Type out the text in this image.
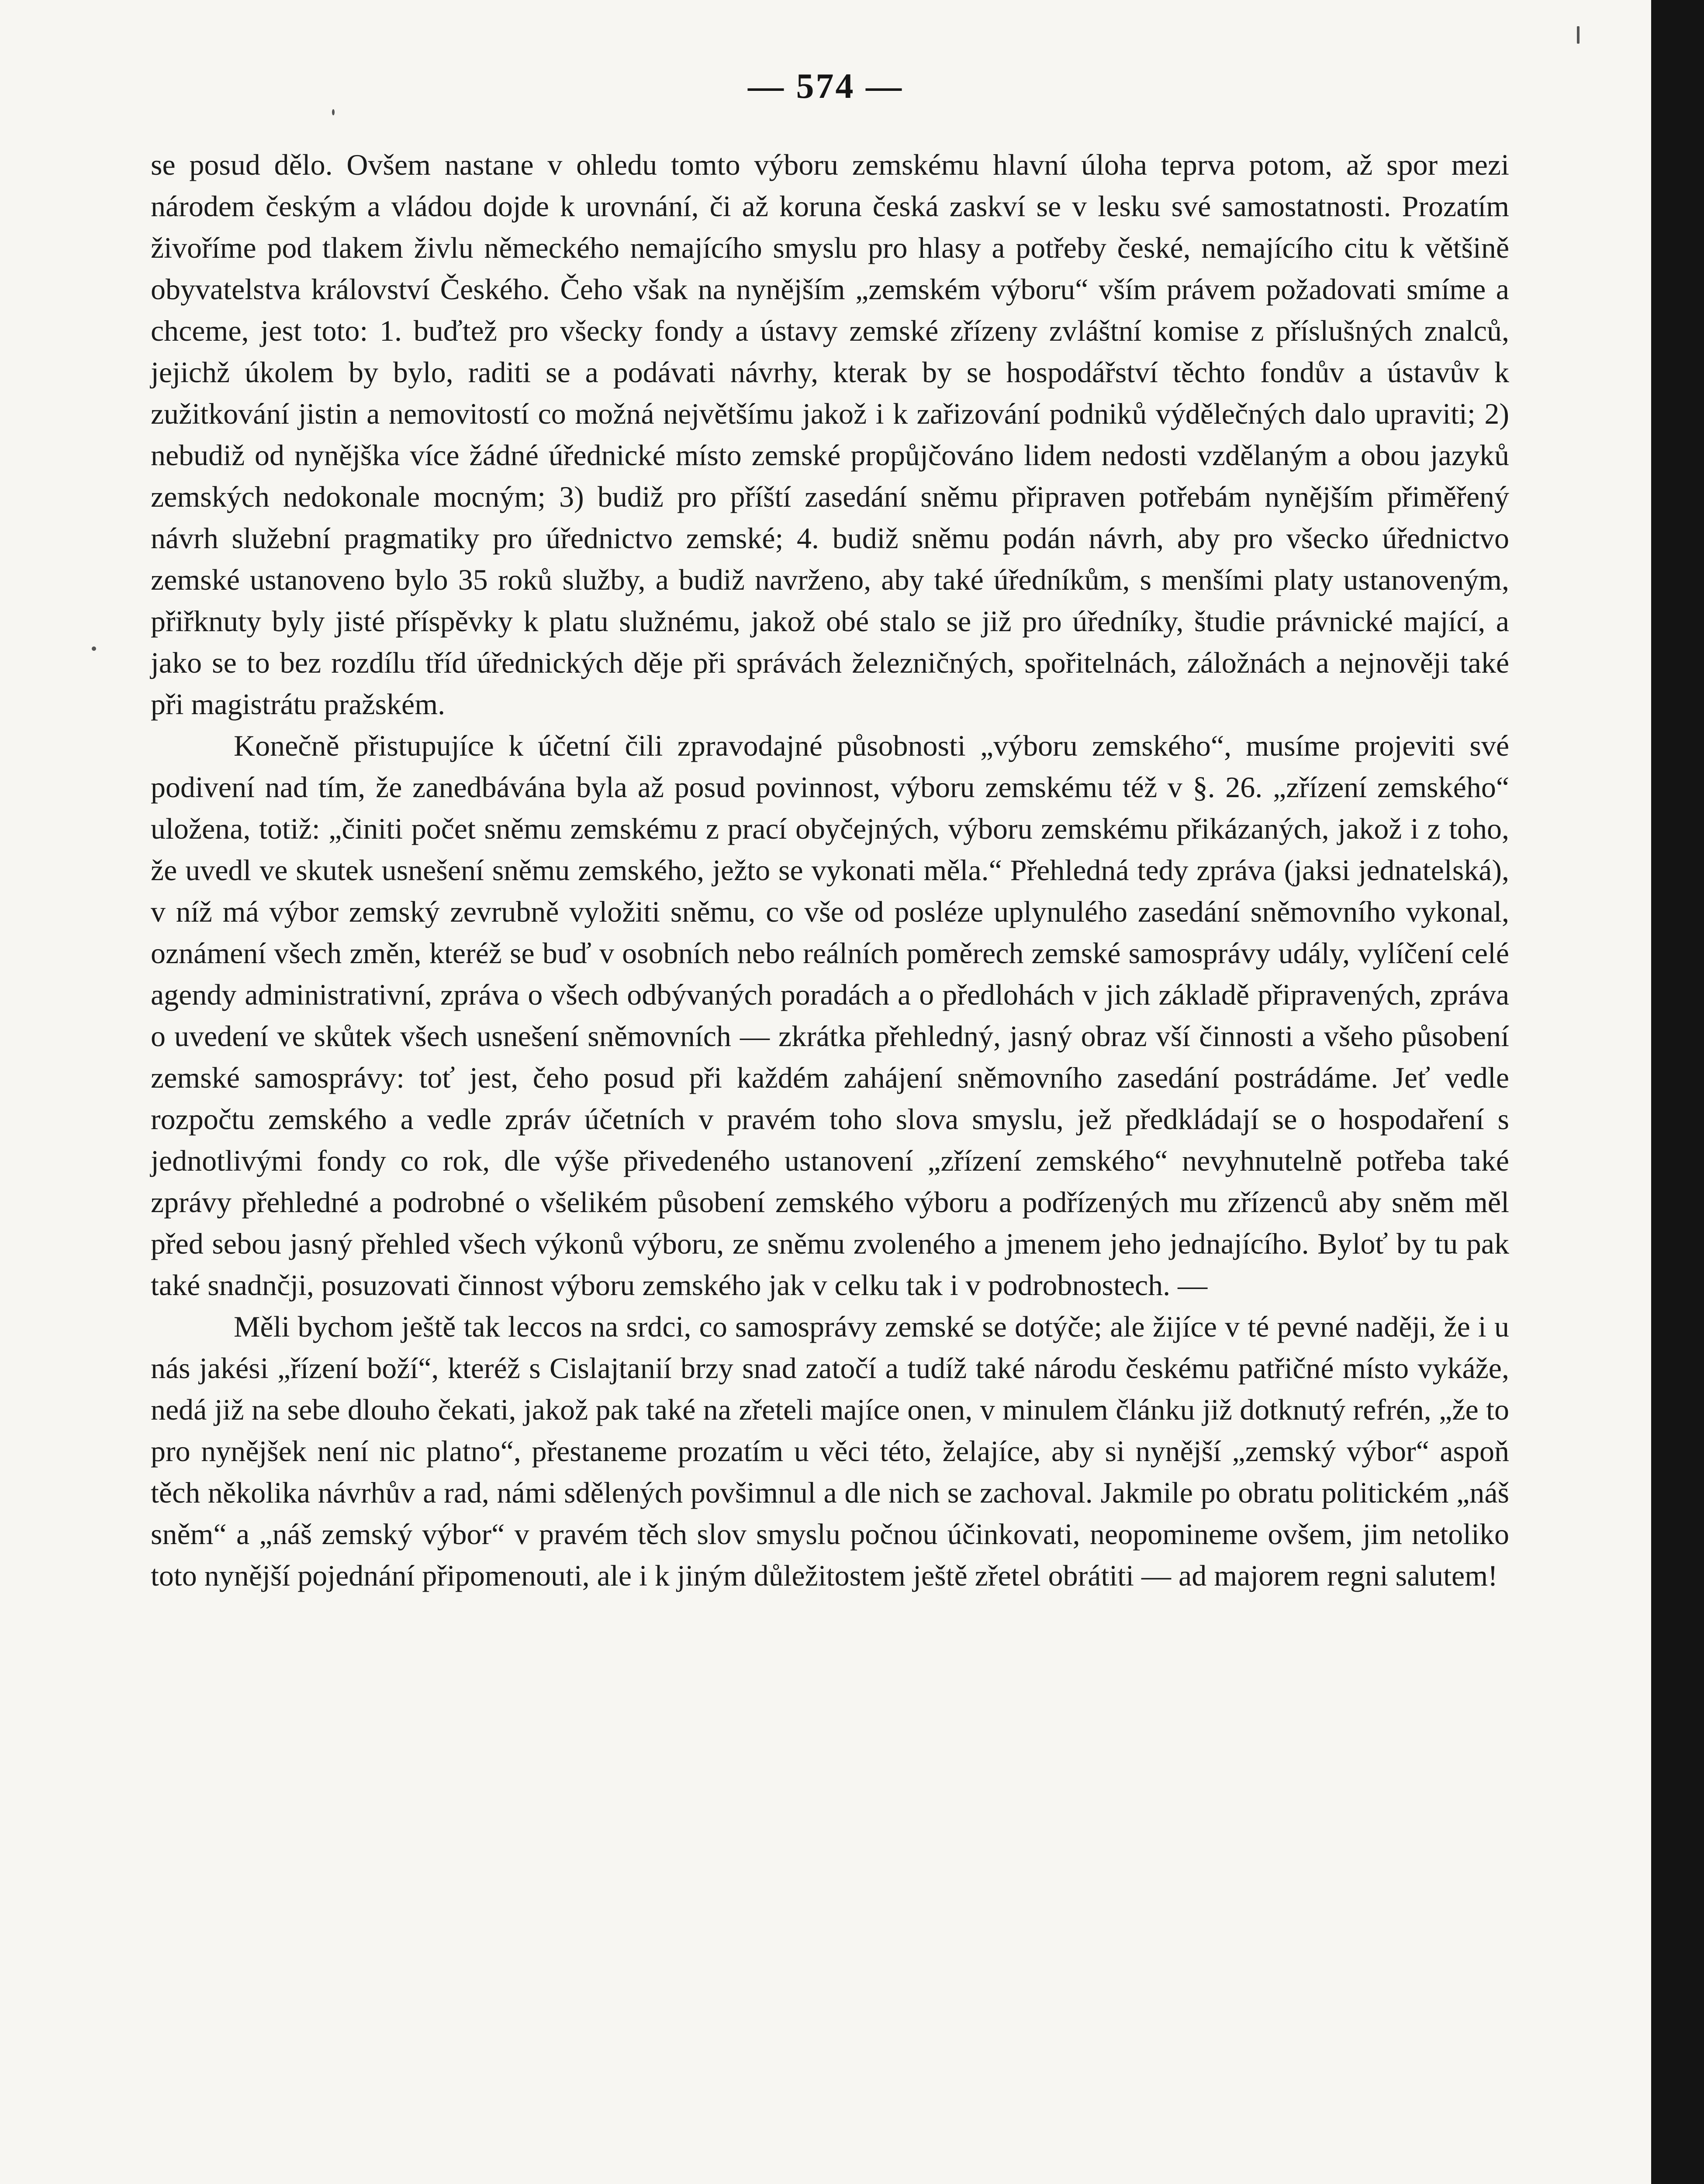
— 574 —

se posud dělo. Ovšem nastane v ohledu tomto výboru zemskému hlavní úloha teprva potom, až spor mezi národem českým a vládou dojde k urovnání, či až koruna česká zaskví se v lesku své samostatnosti. Prozatím živoříme pod tlakem živlu německého nemajícího smyslu pro hlasy a potřeby české, nemajícího citu k většině obyvatelstva království Českého. Čeho však na nynějším „zemském výboru“ vším právem požadovati smíme a chceme, jest toto: 1. buďtež pro všecky fondy a ústavy zemské zřízeny zvláštní komise z příslušných znalců, jejichž úkolem by bylo, raditi se a podávati návrhy, kterak by se hospodářství těchto fondův a ústavův k zužitkování jistin a nemovitostí co možná největšímu jakož i k zařizování podniků výdělečných dalo upraviti; 2) nebudiž od nynějška více žádné úřednické místo zemské propůjčováno lidem nedosti vzdělaným a obou jazyků zemských nedokonale mocným; 3) budiž pro příští zasedání sněmu připraven potřebám nynějším přiměřený návrh služební pragmatiky pro úřednictvo zemské; 4. budiž sněmu podán návrh, aby pro všecko úřednictvo zemské ustanoveno bylo 35 roků služby, a budiž navrženo, aby také úředníkům, s menšími platy ustanoveným, přiřknuty byly jisté příspěvky k platu služnému, jakož obé stalo se již pro úředníky, študie právnické mající, a jako se to bez rozdílu tříd úřednických děje při správách železničných, spořitelnách, záložnách a nejnověji také při magistrátu pražském.

Konečně přistupujíce k účetní čili zpravodajné působnosti „výboru zemského“, musíme projeviti své podivení nad tím, že zanedbávána byla až posud povinnost, výboru zemskému též v §. 26. „zřízení zemského“ uložena, totiž: „činiti počet sněmu zemskému z prací obyčejných, výboru zemskému přikázaných, jakož i z toho, že uvedl ve skutek usnešení sněmu zemského, ježto se vykonati měla.“ Přehledná tedy zpráva (jaksi jednatelská), v níž má výbor zemský zevrubně vyložiti sněmu, co vše od posléze uplynulého zasedání sněmovního vykonal, oznámení všech změn, kteréž se buď v osobních nebo reálních poměrech zemské samosprávy udály, vylíčení celé agendy administrativní, zpráva o všech odbývaných poradách a o předlohách v jich základě připravených, zpráva o uvedení ve skůtek všech usnešení sněmovních — zkrátka přehledný, jasný obraz vší činnosti a všeho působení zemské samosprávy: toť jest, čeho posud při každém zahájení sněmovního zasedání postrádáme. Jeť vedle rozpočtu zemského a vedle zpráv účetních v pravém toho slova smyslu, jež předkládají se o hospodaření s jednotlivými fondy co rok, dle výše přivedeného ustanovení „zřízení zemského“ nevyhnutelně potřeba také zprávy přehledné a podrobné o všelikém působení zemského výboru a podřízených mu zřízenců aby sněm měl před sebou jasný přehled všech výkonů výboru, ze sněmu zvoleného a jmenem jeho jednajícího. Byloť by tu pak také snadnčji, posuzovati činnost výboru zemského jak v celku tak i v podrobnostech. —

Měli bychom ještě tak leccos na srdci, co samosprávy zemské se dotýče; ale žijíce v té pevné naději, že i u nás jakési „řízení boží“, kteréž s Cislajtanií brzy snad zatočí a tudíž také národu českému patřičné místo vykáže, nedá již na sebe dlouho čekati, jakož pak také na zřeteli majíce onen, v minulem článku již dotknutý refrén, „že to pro nynějšek není nic platno“, přestaneme prozatím u věci této, želajíce, aby si nynější „zemský výbor“ aspoň těch několika návrhův a rad, námi sdělených povšimnul a dle nich se zachoval. Jakmile po obratu politickém „náš sněm“ a „náš zemský výbor“ v pravém těch slov smyslu počnou účinkovati, neopomineme ovšem, jim netoliko toto nynější pojednání připomenouti, ale i k jiným důležitostem ještě zřetel obrátiti — ad majorem regni salutem!
